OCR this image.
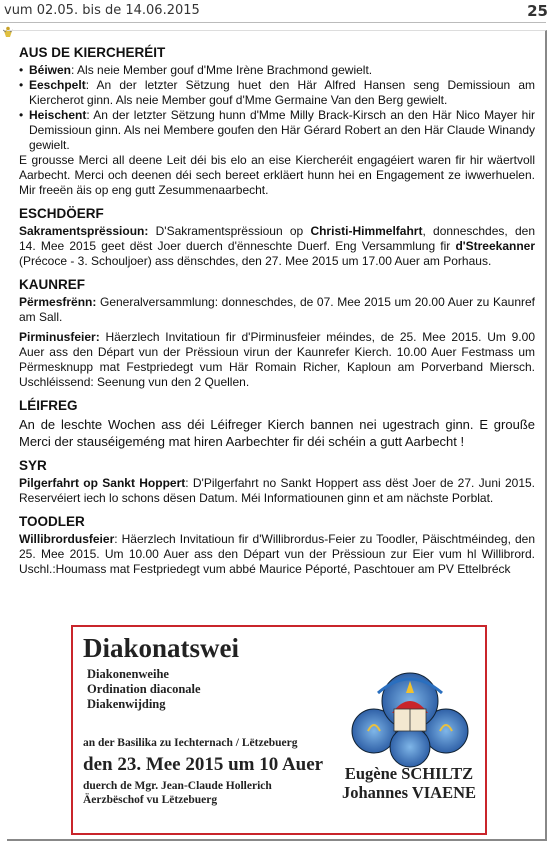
vum 02.05. bis de 14.06.2015	25
AUS DE KIERCHERÉIT
• Béiwen: Als neie Member gouf d'Mme Irène Brachmond gewielt.
• Eeschpelt: An der letzter Sëtzung huet den Här Alfred Hansen seng Demissioun am Kiercherot ginn. Als neie Member gouf d'Mme Germaine Van den Berg gewielt.
• Heischent: An der letzter Sëtzung hunn d'Mme Milly Brack-Kirsch an den Här Nico Mayer hir Demissioun ginn. Als nei Membere goufen den Här Gérard Robert an den Här Claude Winandy gewielt.

E grousse Merci all deene Leit déi bis elo an eise Kiercheréit engagéiert waren fir hir wäertvoll Aarbecht. Merci och deenen déi sech bereet erkläert hunn hei en Engagement ze iwwerhuelen. Mir freeën äis op eng gutt Zesummenaarbecht.

ESCHDÖERF

Sakramentsprëssioun: D'Sakramentsprëssioun op Christi-Himmelfahrt, donneschdes, den 14. Mee 2015 geet dëst Joer duerch d'ënneschte Duerf. Eng Versammlung fir d'Streekanner (Précoce - 3. Schouljoer) ass dënschdes, den 27. Mee 2015 um 17.00 Auer am Porhaus.

KAUNREF

Përmesfrënn: Generalversammlung: donneschdes, de 07. Mee 2015 um 20.00 Auer zu Kaunref am Sall.

Pirminusfeier: Häerzlech Invitatioun fir d'Pirminusfeier méindes, de 25. Mee 2015. Um 9.00 Auer ass den Départ vun der Prëssioun virun der Kaunrefer Kierch. 10.00 Auer Festmass um Përmesknupp mat Festpriedegt vum Här Romain Richer, Kaploun am Porverband Miersch. Uschléissend: Seenung vun den 2 Quellen.

LÉIFREG

An de leschte Wochen ass déi Léifreger Kierch bannen nei ugestrach ginn. E grouße Merci der stauséigeméng mat hiren Aarbechter fir déi schéin a gutt Aarbecht !

SYR

Pilgerfahrt op Sankt Hoppert: D'Pilgerfahrt no Sankt Hoppert ass dëst Joer de 27. Juni 2015. Reservéiert iech lo schons dësen Datum. Méi Informatiounen ginn et am nächste Porblat.

TOODLER

Willibrordusfeier: Häerzlech Invitatioun fir d'Willibrordus-Feier zu Toodler, Päischtméindeg, den 25. Mee 2015. Um 10.00 Auer ass den Départ vun der Prëssioun zur Eier vum hl Willibrord. Uschl.:Houmass mat Festpriedegt vum abbé Maurice Péporté, Paschtouer am PV Ettelbréck

Diakonatswei
Diakonenweihe
Ordination diaconale
Diakenwijding
an der Basilika zu Iechternach / Lëtzebuerg
den 23. Mee 2015 um 10 Auer
duerch de Mgr. Jean-Claude Hollerich
Äerzbëschof vu Lëtzebuerg
Eugène SCHILTZ
Johannes VIAENE
